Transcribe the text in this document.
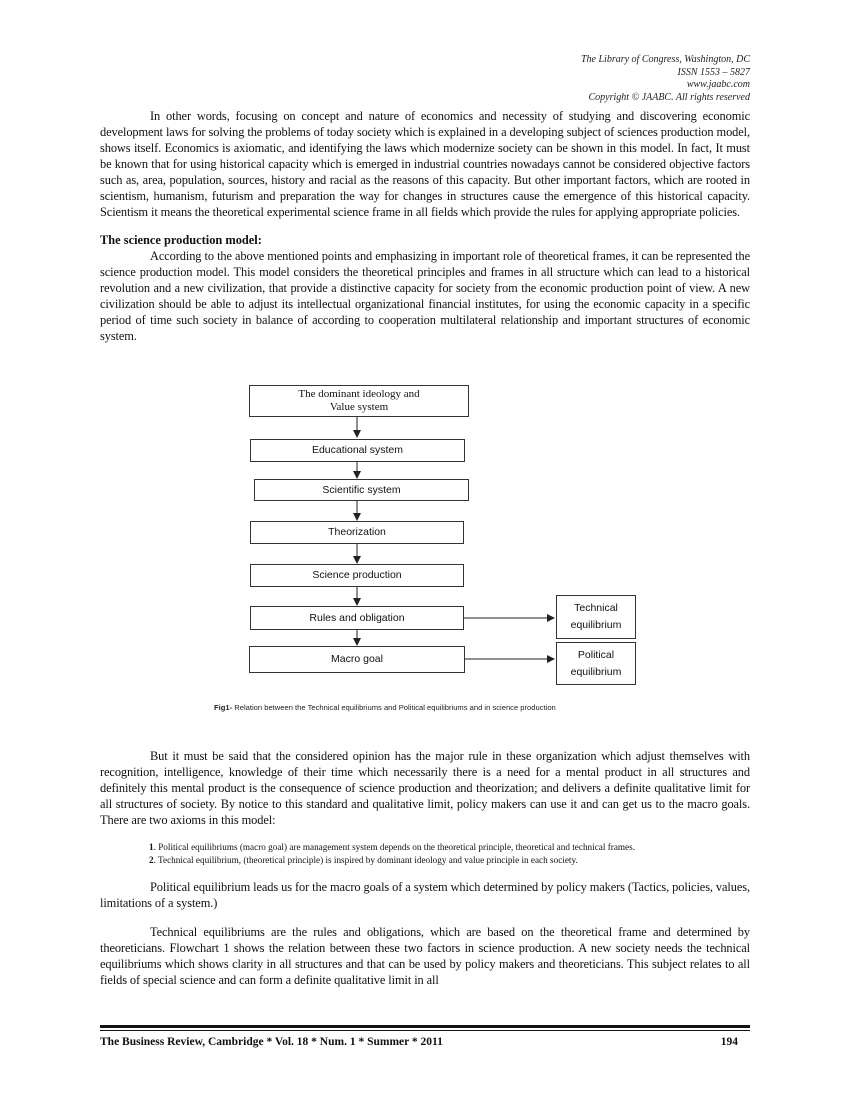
The Library of Congress, Washington, DC
ISSN 1553 – 5827
www.jaabc.com
Copyright © JAABC. All rights reserved

In other words, focusing on concept and nature of economics and necessity of studying and discovering economic development laws for solving the problems of today society which is explained in a developing subject of sciences production model, shows itself. Economics is axiomatic, and identifying the laws which modernize society can be shown in this model. In fact, It must be known that for using historical capacity which is emerged in industrial countries nowadays cannot be considered objective factors such as, area, population, sources, history and racial as the reasons of this capacity. But other important factors, which are rooted in scientism, humanism, futurism and preparation the way for changes in structures cause the emergence of this historical capacity. Scientism it means the theoretical experimental science frame in all fields which provide the rules for applying appropriate policies.

The science production model:

According to the above mentioned points and emphasizing in important role of theoretical frames, it can be represented the science production model. This model considers the theoretical principles and frames in all structure which can lead to a historical revolution and a new civilization, that provide a distinctive capacity for society from the economic production point of view. A new civilization should be able to adjust its intellectual organizational financial institutes, for using the economic capacity in a specific period of time such society in balance of according to cooperation multilateral relationship and important structures of economic system.

The dominant ideology and
Value system
Educational system
Scientific system
Theorization
Science production
Rules and obligation
Macro goal
Technical
equilibrium
Political
equilibrium
Fig1- Relation between the Technical equilibriums and Political equilibriums and in science production

But it must be said that the considered opinion has the major rule in these organization which adjust themselves with recognition, intelligence, knowledge of their time which necessarily there is a need for a mental product in all structures and definitely this mental product is the consequence of science production and theorization; and delivers a definite qualitative limit for all structures of society. By notice to this standard and qualitative limit, policy makers can use it and can get us to the macro goals. There are two axioms in this model:

1. Political equilibriums (macro goal) are management system depends on the theoretical principle, theoretical and technical frames.
2. Technical equilibrium, (theoretical principle) is inspired by dominant ideology and value principle in each society.

Political equilibrium leads us for the macro goals of a system which determined by policy makers (Tactics, policies, values, limitations of a system.)

Technical equilibriums are the rules and obligations, which are based on the theoretical frame and determined by theoreticians. Flowchart 1 shows the relation between these two factors in science production. A new society needs the technical equilibriums which shows clarity in all structures and that can be used by policy makers and theoreticians. This subject relates to all fields of special science and can form a definite qualitative limit in all

The Business Review, Cambridge * Vol. 18 * Num. 1 * Summer * 2011	194
